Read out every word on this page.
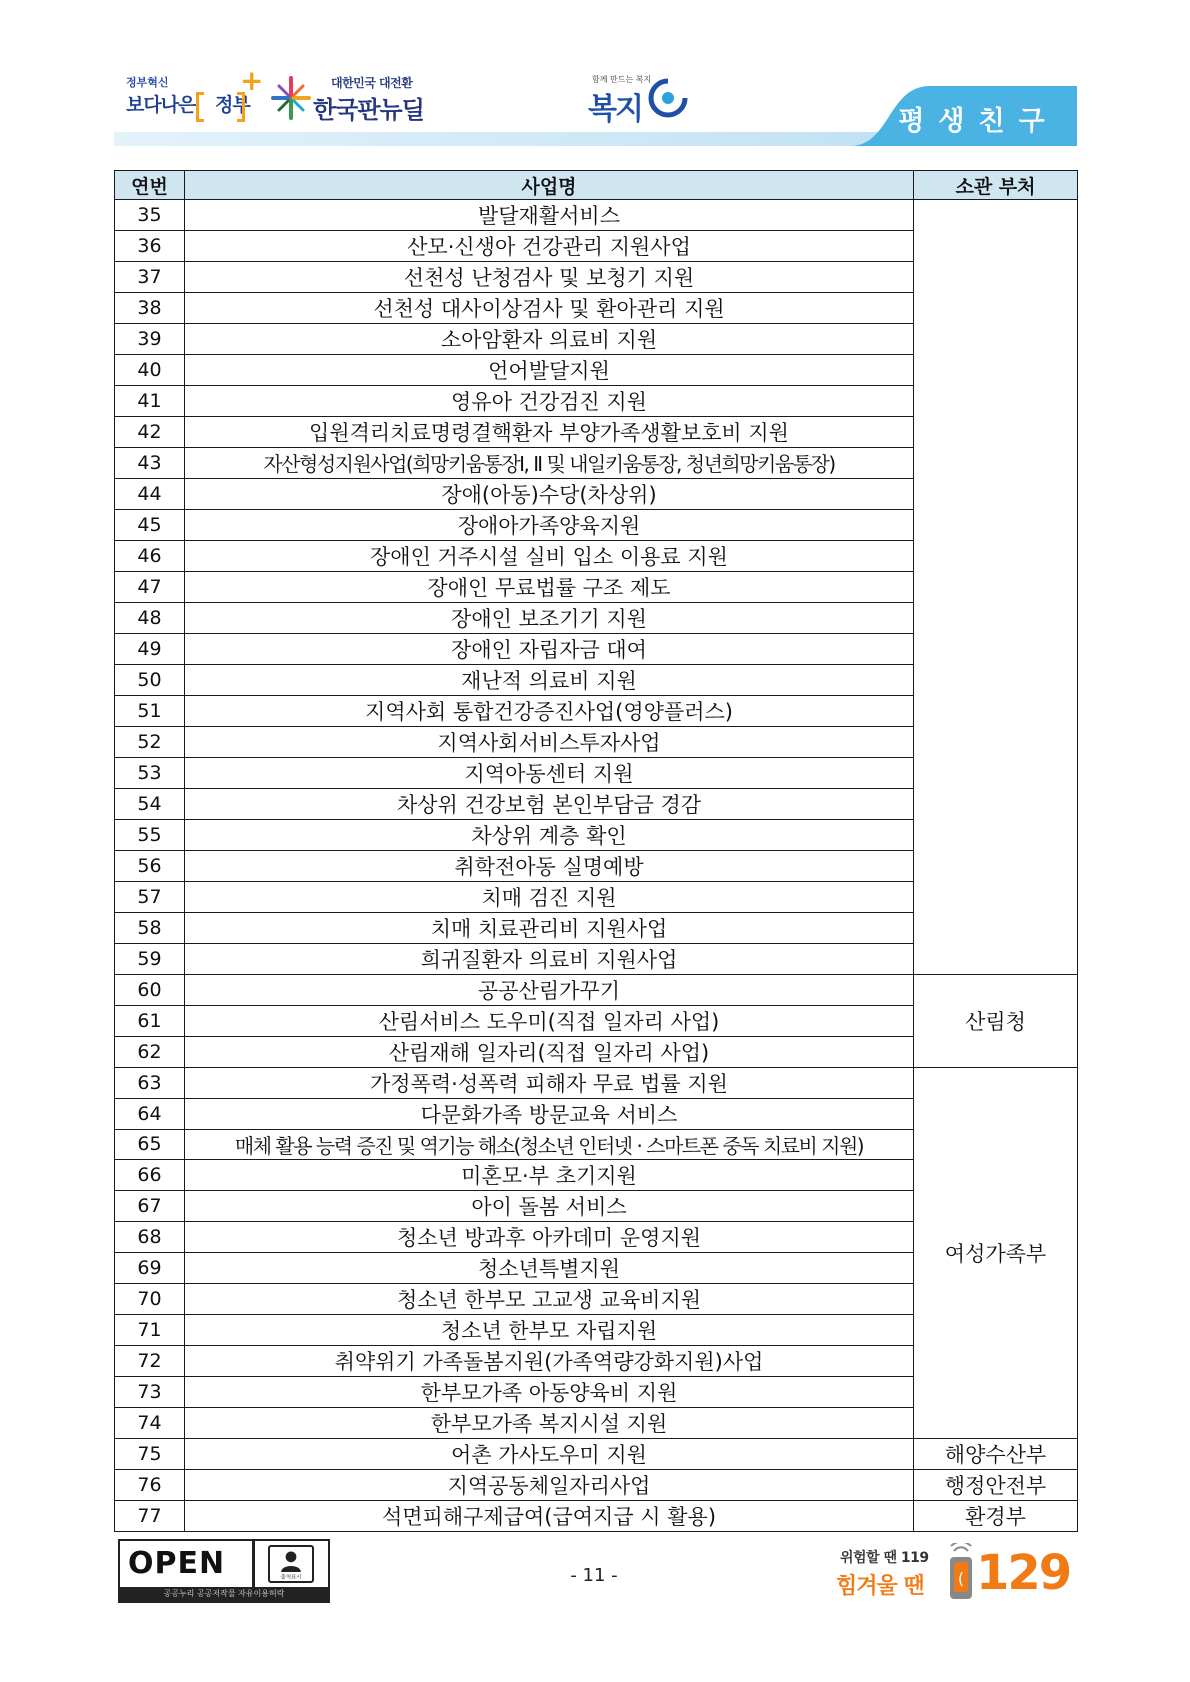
정부혁신
보다나은 정부
+	대한민국 대전환
한국판뉴딜
함께 만드는 복지
복지	평생친구
연번	사업명	소관 부처
35	발달재활서비스	
36	산모·신생아 건강관리 지원사업	
37	선천성 난청검사 및 보청기 지원	
38	선천성 대사이상검사 및 환아관리 지원	
39	소아암환자 의료비 지원	
40	언어발달지원	
41	영유아 건강검진 지원	
42	입원격리치료명령결핵환자 부양가족생활보호비 지원	
43	자산형성지원사업(희망키움통장Ⅰ, Ⅱ 및 내일키움통장, 청년희망키움통장)	
44	장애(아동)수당(차상위)	
45	장애아가족양육지원	
46	장애인 거주시설 실비 입소 이용료 지원	
47	장애인 무료법률 구조 제도	
48	장애인 보조기기 지원	
49	장애인 자립자금 대여	
50	재난적 의료비 지원	
51	지역사회 통합건강증진사업(영양플러스)	
52	지역사회서비스투자사업	
53	지역아동센터 지원	
54	차상위 건강보험 본인부담금 경감	
55	차상위 계층 확인	
56	취학전아동 실명예방	
57	치매 검진 지원	
58	치매 치료관리비 지원사업	
59	희귀질환자 의료비 지원사업	
60	공공산림가꾸기	산림청
61	산림서비스 도우미(직접 일자리 사업)	
62	산림재해 일자리(직접 일자리 사업)	
63	가정폭력·성폭력 피해자 무료 법률 지원	여성가족부
64	다문화가족 방문교육 서비스	
65	매체 활용 능력 증진 및 역기능 해소(청소년 인터넷 · 스마트폰 중독 치료비 지원)	
66	미혼모·부 초기지원	
67	아이 돌봄 서비스	
68	청소년 방과후 아카데미 운영지원	
69	청소년특별지원	
70	청소년 한부모 고교생 교육비지원	
71	청소년 한부모 자립지원	
72	취약위기 가족돌봄지원(가족역량강화지원)사업	
73	한부모가족 아동양육비 지원	
74	한부모가족 복지시설 지원	
75	어촌 가사도우미 지원	해양수산부
76	지역공동체일자리사업	행정안전부
77	석면피해구제급여(급여지급 시 활용)	환경부
OPEN	출처표시
공공누리 공공저작물 자유이용허락
- 11 -
위험할 땐 119
힘겨울 땐 ( 129
